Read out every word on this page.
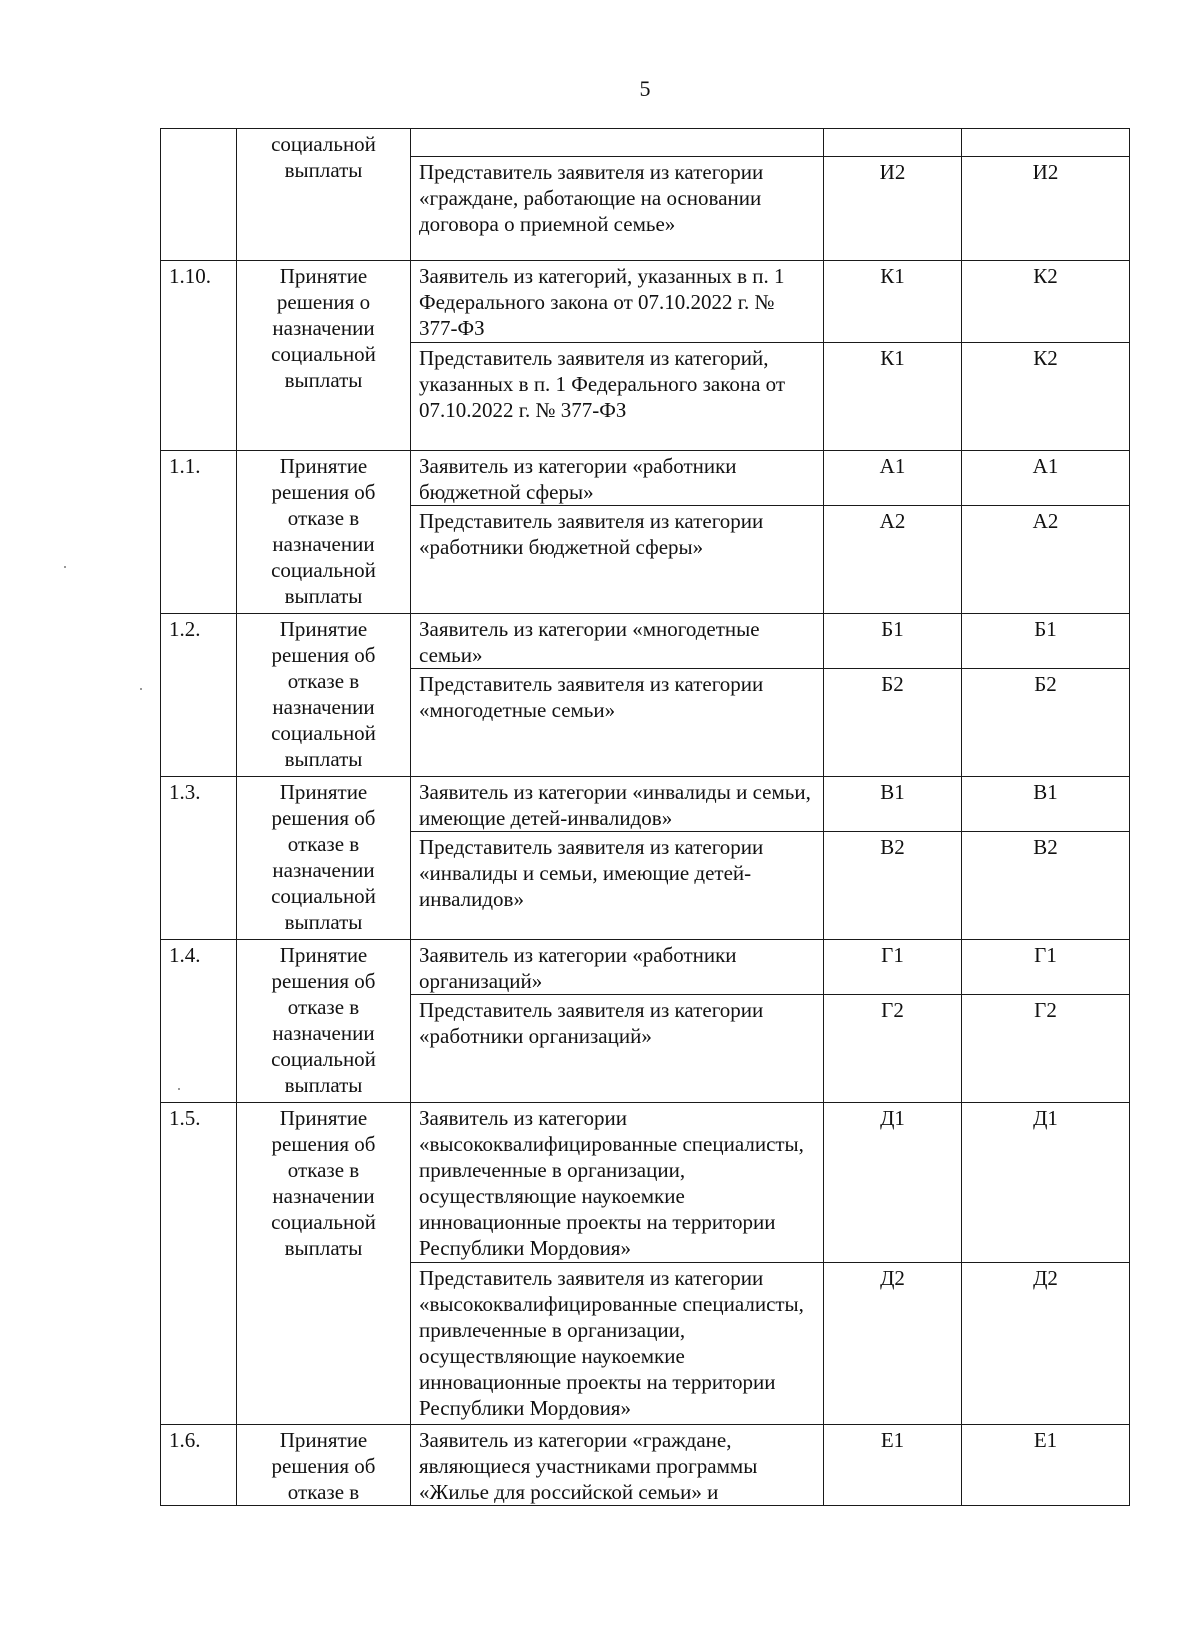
5
	социальной выплаты			
		Представитель заявителя из категории «граждане, работающие на основании договора о приемной семье»	И2	И2
1.10.	Принятие решения о назначении социальной выплаты	Заявитель из категорий, указанных в п. 1 Федерального закона от 07.10.2022 г. № 377-ФЗ	К1	К2
		Представитель заявителя из категорий, указанных в п. 1 Федерального закона от 07.10.2022 г. № 377-ФЗ	К1	К2
1.1.	Принятие решения об отказе в назначении социальной выплаты	Заявитель из категории «работники бюджетной сферы»	А1	А1
		Представитель заявителя из категории «работники бюджетной сферы»	А2	А2
1.2.	Принятие решения об отказе в назначении социальной выплаты	Заявитель из категории «многодетные семьи»	Б1	Б1
		Представитель заявителя из категории «многодетные семьи»	Б2	Б2
1.3.	Принятие решения об отказе в назначении социальной выплаты	Заявитель из категории «инвалиды и семьи, имеющие детей-инвалидов»	В1	В1
		Представитель заявителя из категории «инвалиды и семьи, имеющие детей-инвалидов»	В2	В2
1.4.	Принятие решения об отказе в назначении социальной выплаты	Заявитель из категории «работники организаций»	Г1	Г1
		Представитель заявителя из категории «работники организаций»	Г2	Г2
1.5.	Принятие решения об отказе в назначении социальной выплаты	Заявитель из категории «высококвалифицированные специалисты, привлеченные в организации, осуществляющие наукоемкие инновационные проекты на территории Республики Мордовия»	Д1	Д1
		Представитель заявителя из категории «высококвалифицированные специалисты, привлеченные в организации, осуществляющие наукоемкие инновационные проекты на территории Республики Мордовия»	Д2	Д2
1.6.	Принятие решения об отказе в	Заявитель из категории «граждане, являющиеся участниками программы «Жилье для российской семьи» и	Е1	Е1
